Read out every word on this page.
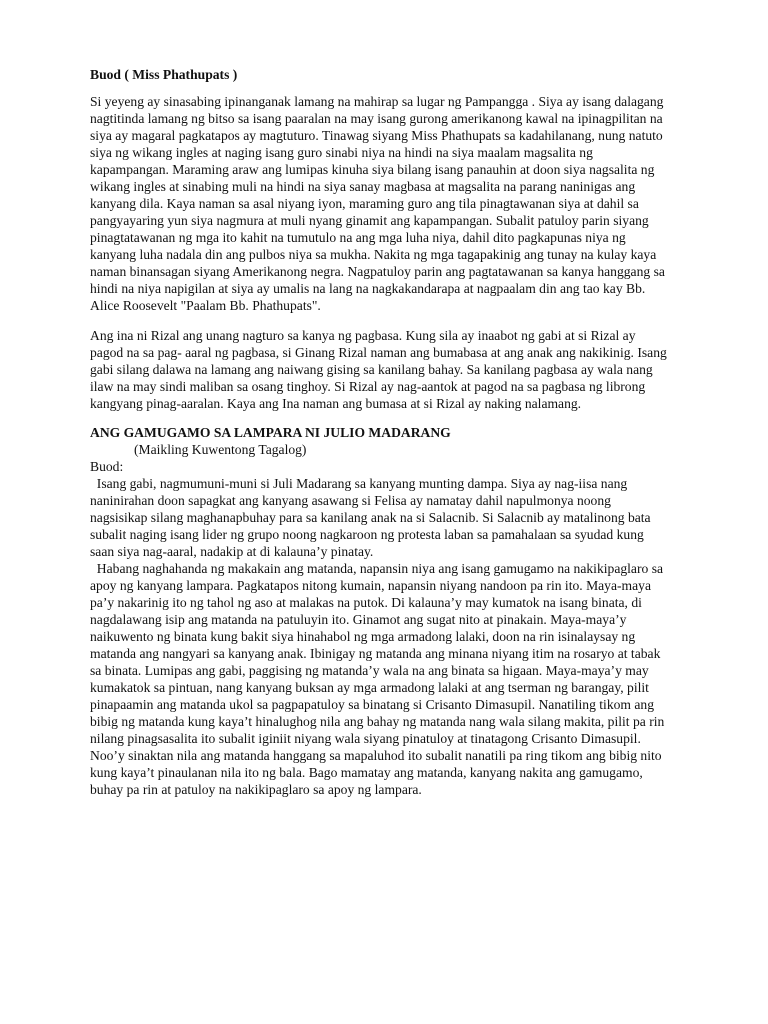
Buod ( Miss Phathupats )
Si yeyeng ay sinasabing ipinanganak lamang na mahirap sa lugar ng Pampangga . Siya ay isang dalagang
nagtitinda lamang ng bitso sa isang paaralan na may isang gurong amerikanong kawal na ipinagpilitan na
siya ay magaral pagkatapos ay magtuturo. Tinawag siyang Miss Phathupats sa kadahilanang, nung natuto
siya ng wikang ingles at naging isang guro sinabi niya na hindi na siya maalam magsalita ng
kapampangan. Maraming araw ang lumipas kinuha siya bilang isang panauhin at doon siya nagsalita ng
wikang ingles at sinabing muli na hindi na siya sanay magbasa at magsalita na parang naninigas ang
kanyang dila. Kaya naman sa asal niyang iyon, maraming guro ang tila pinagtawanan siya at dahil sa
pangyayaring yun siya nagmura at muli nyang ginamit ang kapampangan. Subalit patuloy parin siyang
pinagtatawanan ng mga ito kahit na tumutulo na ang mga luha niya, dahil dito pagkapunas niya ng
kanyang luha nadala din ang pulbos niya sa mukha. Nakita ng mga tagapakinig ang tunay na kulay kaya
naman binansagan siyang Amerikanong negra. Nagpatuloy parin ang pagtatawanan sa kanya hanggang sa
hindi na niya napigilan at siya ay umalis na lang na nagkakandarapa at nagpaalam din ang tao kay Bb.
Alice Roosevelt "Paalam Bb. Phathupats".
Ang ina ni Rizal ang unang nagturo sa kanya ng pagbasa. Kung sila ay inaabot ng gabi at si Rizal ay
pagod na sa pag- aaral ng pagbasa, si Ginang Rizal naman ang bumabasa at ang anak ang nakikinig. Isang
gabi silang dalawa na lamang ang naiwang gising sa kanilang bahay. Sa kanilang pagbasa ay wala nang
ilaw na may sindi maliban sa osang tinghoy. Si Rizal ay nag-aantok at pagod na sa pagbasa ng librong
kangyang pinag-aaralan. Kaya ang Ina naman ang bumasa at si Rizal ay naking nalamang.
ANG GAMUGAMO SA LAMPARA NI JULIO MADARANG
(Maikling Kuwentong Tagalog)
Buod:
Isang gabi, nagmumuni-muni si Juli Madarang sa kanyang munting dampa. Siya ay nag-iisa nang
naninirahan doon sapagkat ang kanyang asawang si Felisa ay namatay dahil napulmonya noong
nagsisikap silang maghanapbuhay para sa kanilang anak na si Salacnib. Si Salacnib ay matalinong bata
subalit naging isang lider ng grupo noong nagkaroon ng protesta laban sa pamahalaan sa syudad kung
saan siya nag-aaral, nadakip at di kalauna’y pinatay.
Habang naghahanda ng makakain ang matanda, napansin niya ang isang gamugamo na nakikipaglaro sa
apoy ng kanyang lampara. Pagkatapos nitong kumain, napansin niyang nandoon pa rin ito. Maya-maya
pa’y nakarinig ito ng tahol ng aso at malakas na putok. Di kalauna’y may kumatok na isang binata, di
nagdalawang isip ang matanda na patuluyin ito. Ginamot ang sugat nito at pinakain. Maya-maya’y
naikuwento ng binata kung bakit siya hinahabol ng mga armadong lalaki, doon na rin isinalaysay ng
matanda ang nangyari sa kanyang anak. Ibinigay ng matanda ang minana niyang itim na rosaryo at tabak
sa binata. Lumipas ang gabi, paggising ng matanda’y wala na ang binata sa higaan. Maya-maya’y may
kumakatok sa pintuan, nang kanyang buksan ay mga armadong lalaki at ang tserman ng barangay, pilit
pinapaamin ang matanda ukol sa pagpapatuloy sa binatang si Crisanto Dimasupil. Nanatiling tikom ang
bibig ng matanda kung kaya’t hinalughog nila ang bahay ng matanda nang wala silang makita, pilit pa rin
nilang pinagsasalita ito subalit iginiit niyang wala siyang pinatuloy at tinatagong Crisanto Dimasupil.
Noo’y sinaktan nila ang matanda hanggang sa mapaluhod ito subalit nanatili pa ring tikom ang bibig nito
kung kaya’t pinaulanan nila ito ng bala. Bago mamatay ang matanda, kanyang nakita ang gamugamo,
buhay pa rin at patuloy na nakikipaglaro sa apoy ng lampara.
